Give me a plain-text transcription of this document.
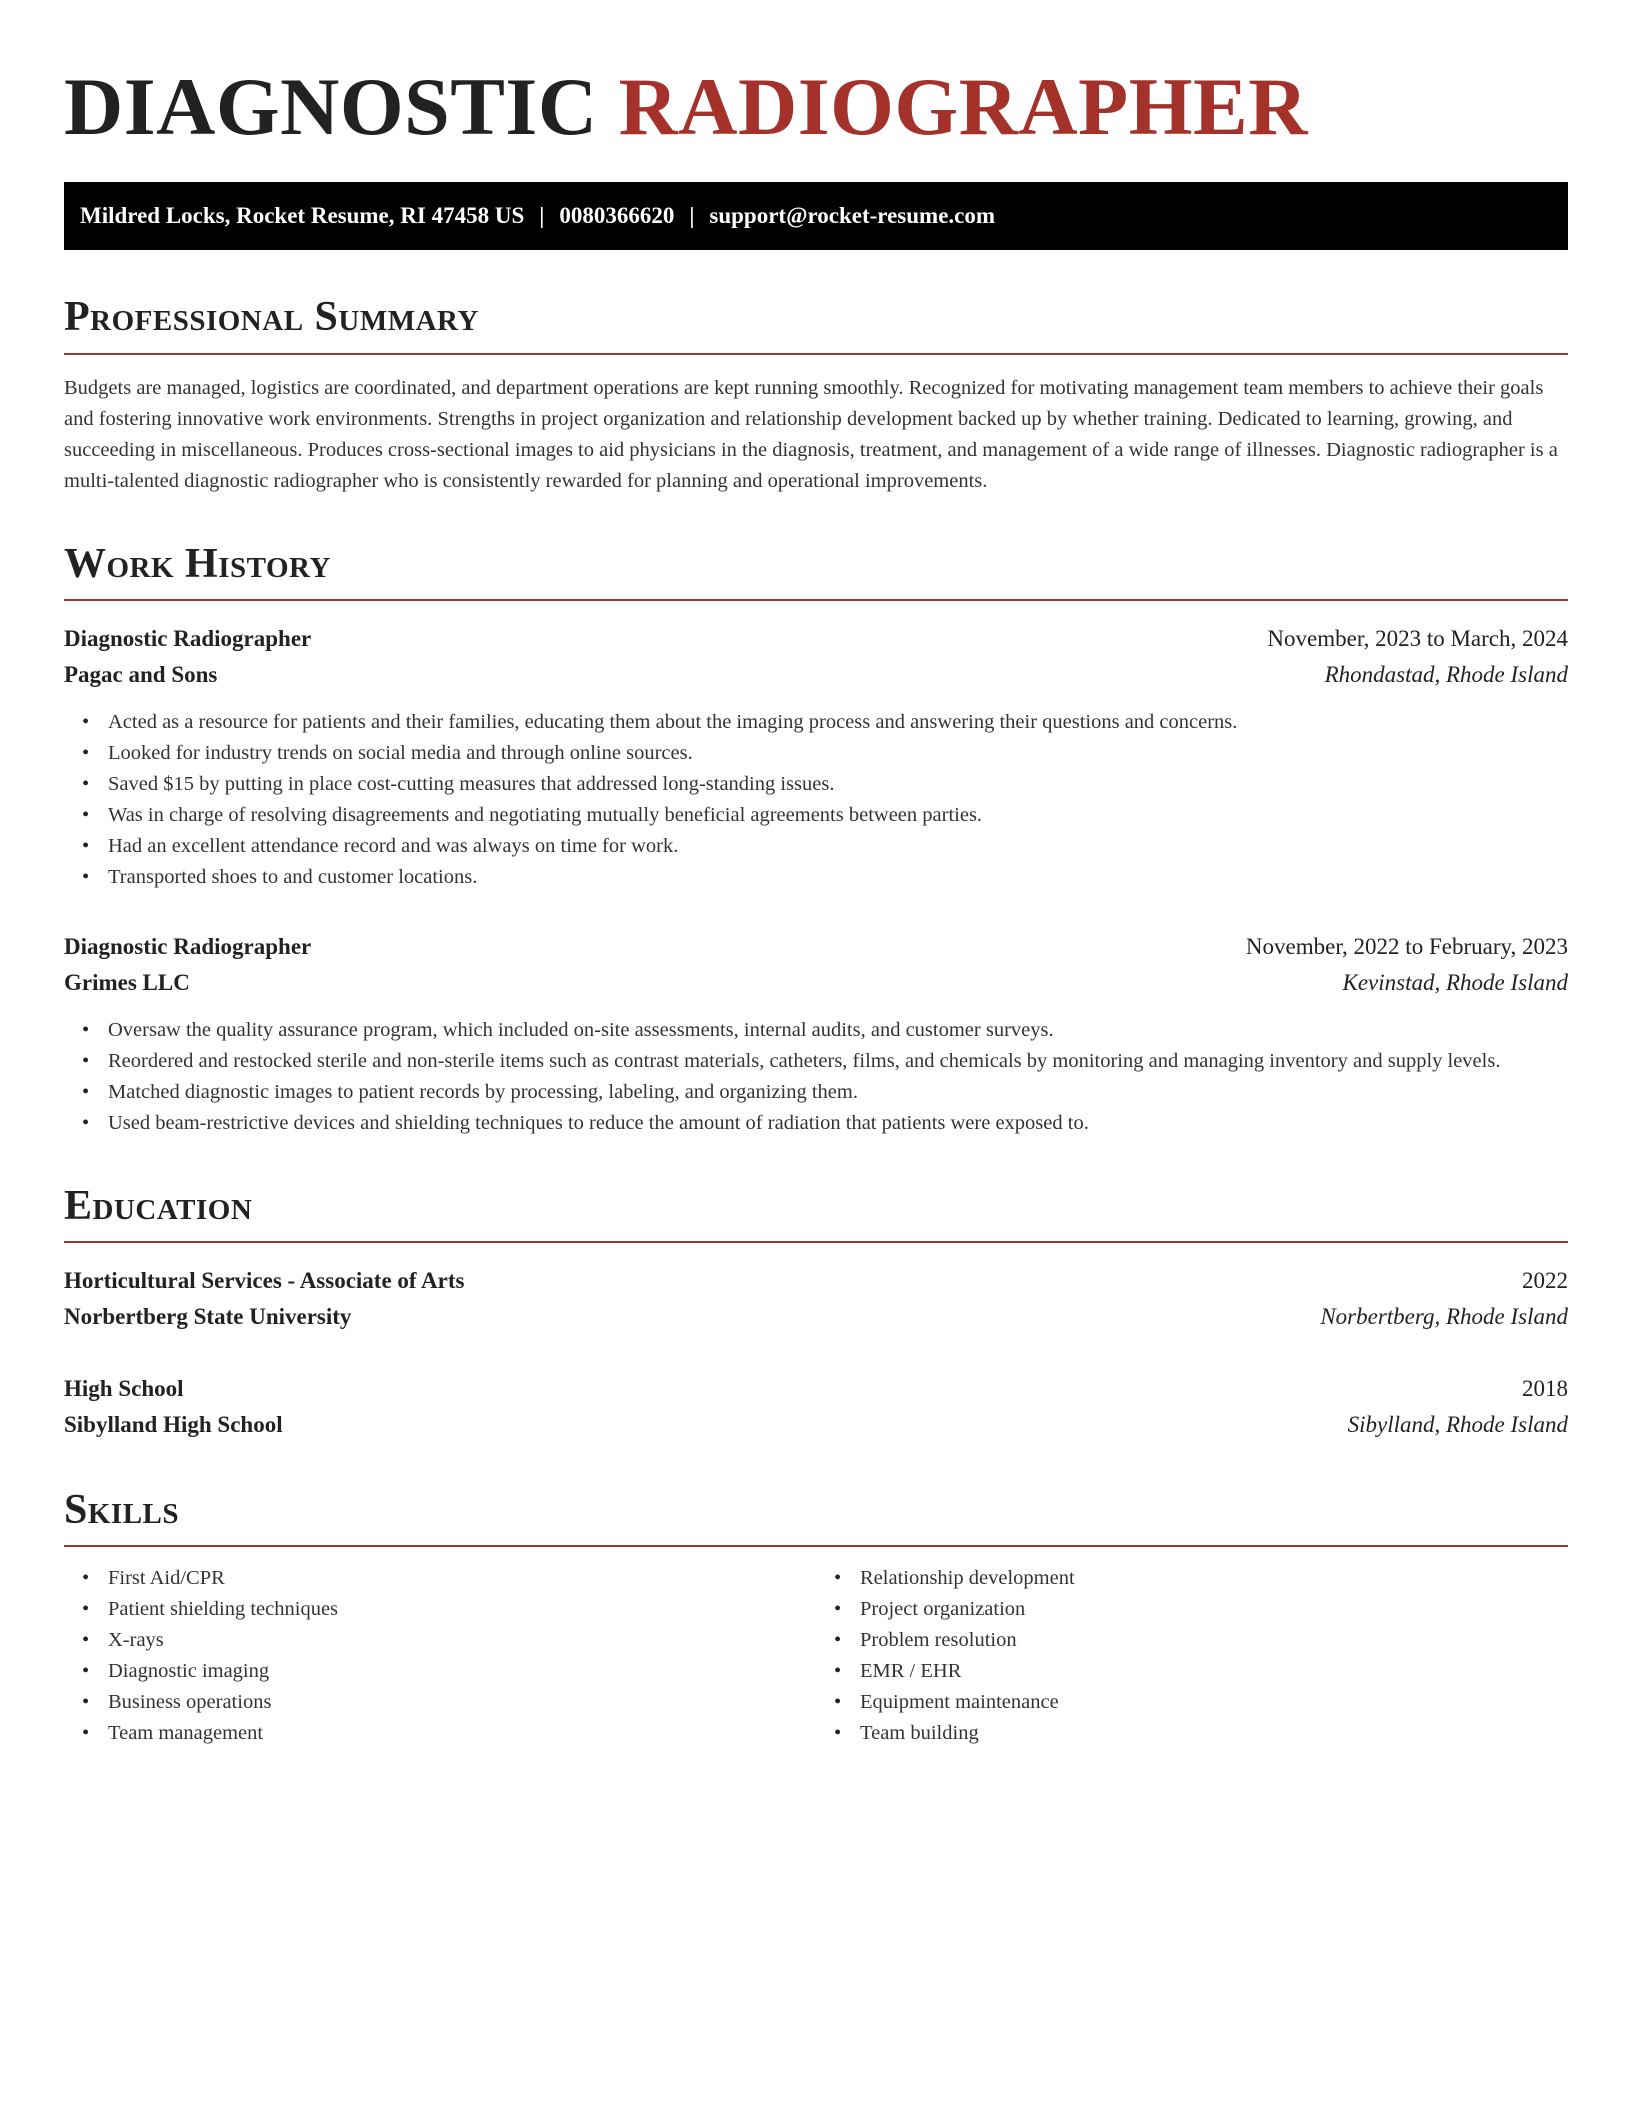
DIAGNOSTIC RADIOGRAPHER
Mildred Locks, Rocket Resume, RI 47458 US | 0080366620 | support@rocket-resume.com
Professional Summary

Budgets are managed, logistics are coordinated, and department operations are kept running smoothly. Recognized for motivating management team members to achieve their goals and fostering innovative work environments. Strengths in project organization and relationship development backed up by whether training. Dedicated to learning, growing, and succeeding in miscellaneous. Produces cross-sectional images to aid physicians in the diagnosis, treatment, and management of a wide range of illnesses. Diagnostic radiographer is a multi-talented diagnostic radiographer who is consistently rewarded for planning and operational improvements.

Work History
Diagnostic Radiographer	November, 2023 to March, 2024
Pagac and Sons	Rhondastad, Rhode Island
• Acted as a resource for patients and their families, educating them about the imaging process and answering their questions and concerns.
• Looked for industry trends on social media and through online sources.
• Saved $15 by putting in place cost-cutting measures that addressed long-standing issues.
• Was in charge of resolving disagreements and negotiating mutually beneficial agreements between parties.
• Had an excellent attendance record and was always on time for work.
• Transported shoes to and customer locations.
Diagnostic Radiographer	November, 2022 to February, 2023
Grimes LLC	Kevinstad, Rhode Island
• Oversaw the quality assurance program, which included on-site assessments, internal audits, and customer surveys.
• Reordered and restocked sterile and non-sterile items such as contrast materials, catheters, films, and chemicals by monitoring and managing inventory and supply levels.
• Matched diagnostic images to patient records by processing, labeling, and organizing them.
• Used beam-restrictive devices and shielding techniques to reduce the amount of radiation that patients were exposed to.
Education
Horticultural Services - Associate of Arts	2022
Norbertberg State University	Norbertberg, Rhode Island
High School	2018
Sibylland High School	Sibylland, Rhode Island
Skills
• First Aid/CPR
• Patient shielding techniques
• X-rays
• Diagnostic imaging
• Business operations
• Team management
• Relationship development
• Project organization
• Problem resolution
• EMR / EHR
• Equipment maintenance
• Team building
